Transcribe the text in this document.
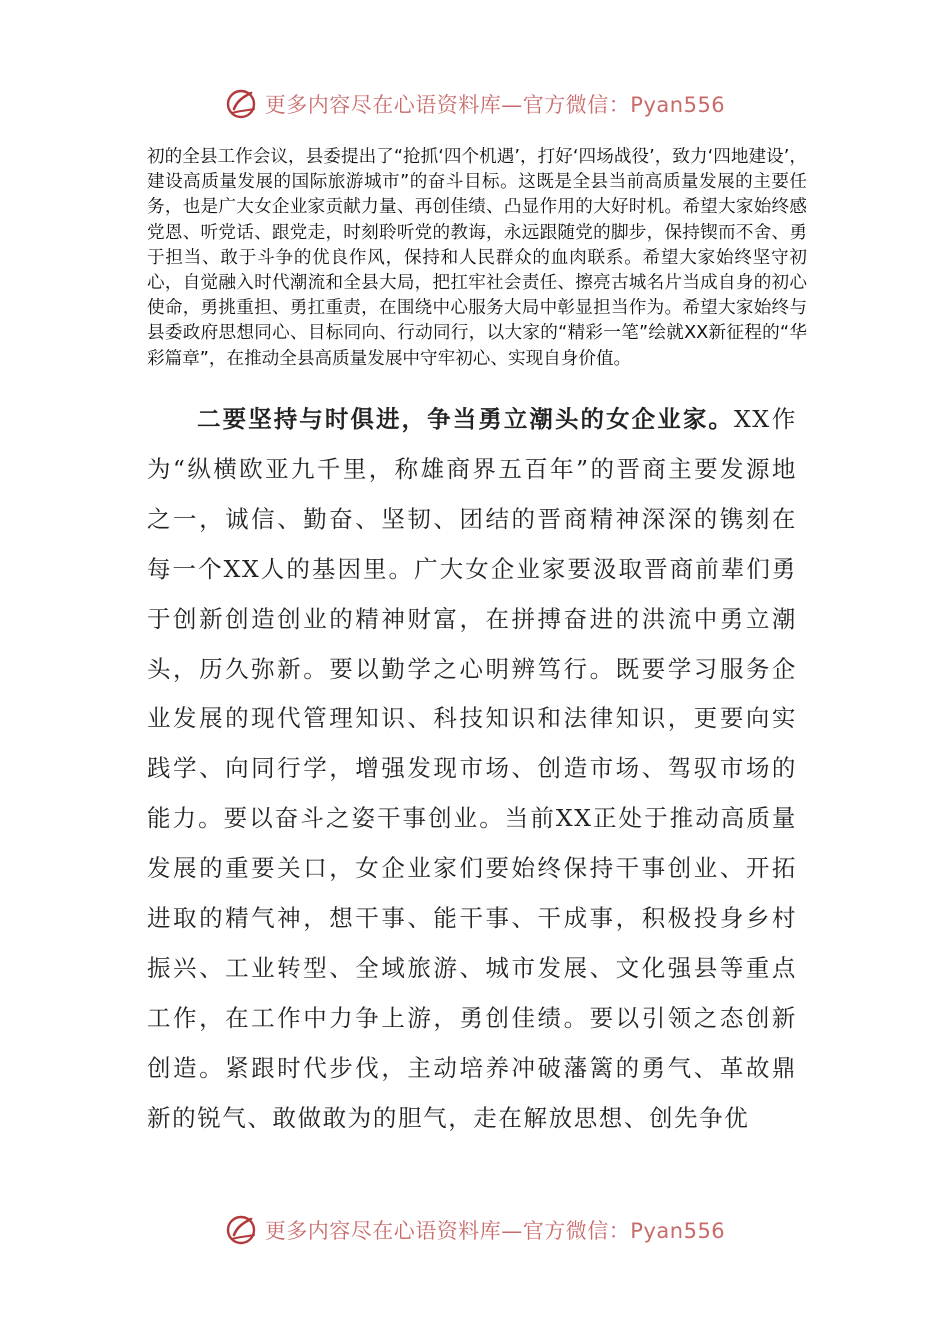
更多内容尽在心语资料库—官方微信：Pyan556

初的全县工作会议，县委提出了“抢抓‘四个机遇’，打好‘四场战役’，致力‘四地建设’，建设高质量发展的国际旅游城市”的奋斗目标。这既是全县当前高质量发展的主要任务，也是广大女企业家贡献力量、再创佳绩、凸显作用的大好时机。希望大家始终感党恩、听党话、跟党走，时刻聆听党的教诲，永远跟随党的脚步，保持锲而不舍、勇于担当、敢于斗争的优良作风，保持和人民群众的血肉联系。希望大家始终坚守初心，自觉融入时代潮流和全县大局，把扛牢社会责任、擦亮古城名片当成自身的初心使命，勇挑重担、勇扛重责，在围绕中心服务大局中彰显担当作为。希望大家始终与县委政府思想同心、目标同向、行动同行，以大家的“精彩一笔”绘就XX新征程的“华彩篇章”，在推动全县高质量发展中守牢初心、实现自身价值。

二要坚持与时俱进，争当勇立潮头的女企业家。XX作为“纵横欧亚九千里，称雄商界五百年”的晋商主要发源地之一，诚信、勤奋、坚韧、团结的晋商精神深深的镌刻在每一个XX人的基因里。广大女企业家要汲取晋商前辈们勇于创新创造创业的精神财富，在拼搏奋进的洪流中勇立潮头，历久弥新。要以勤学之心明辨笃行。既要学习服务企业发展的现代管理知识、科技知识和法律知识，更要向实践学、向同行学，增强发现市场、创造市场、驾驭市场的能力。要以奋斗之姿干事创业。当前XX正处于推动高质量发展的重要关口，女企业家们要始终保持干事创业、开拓进取的精气神，想干事、能干事、干成事，积极投身乡村振兴、工业转型、全域旅游、城市发展、文化强县等重点工作，在工作中力争上游，勇创佳绩。要以引领之态创新创造。紧跟时代步伐，主动培养冲破藩篱的勇气、革故鼎新的锐气、敢做敢为的胆气，走在解放思想、创先争优

更多内容尽在心语资料库—官方微信：Pyan556
